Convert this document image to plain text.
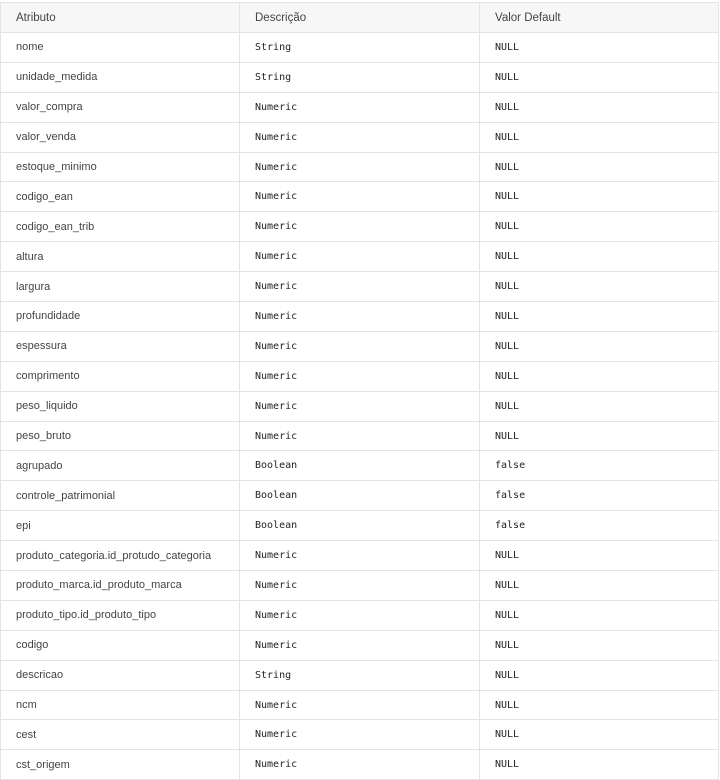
Atributo	Descrição	Valor Default
nome	String	NULL
unidade_medida	String	NULL
valor_compra	Numeric	NULL
valor_venda	Numeric	NULL
estoque_minimo	Numeric	NULL
codigo_ean	Numeric	NULL
codigo_ean_trib	Numeric	NULL
altura	Numeric	NULL
largura	Numeric	NULL
profundidade	Numeric	NULL
espessura	Numeric	NULL
comprimento	Numeric	NULL
peso_liquido	Numeric	NULL
peso_bruto	Numeric	NULL
agrupado	Boolean	false
controle_patrimonial	Boolean	false
epi	Boolean	false
produto_categoria.id_protudo_categoria	Numeric	NULL
produto_marca.id_produto_marca	Numeric	NULL
produto_tipo.id_produto_tipo	Numeric	NULL
codigo	Numeric	NULL
descricao	String	NULL
ncm	Numeric	NULL
cest	Numeric	NULL
cst_origem	Numeric	NULL
